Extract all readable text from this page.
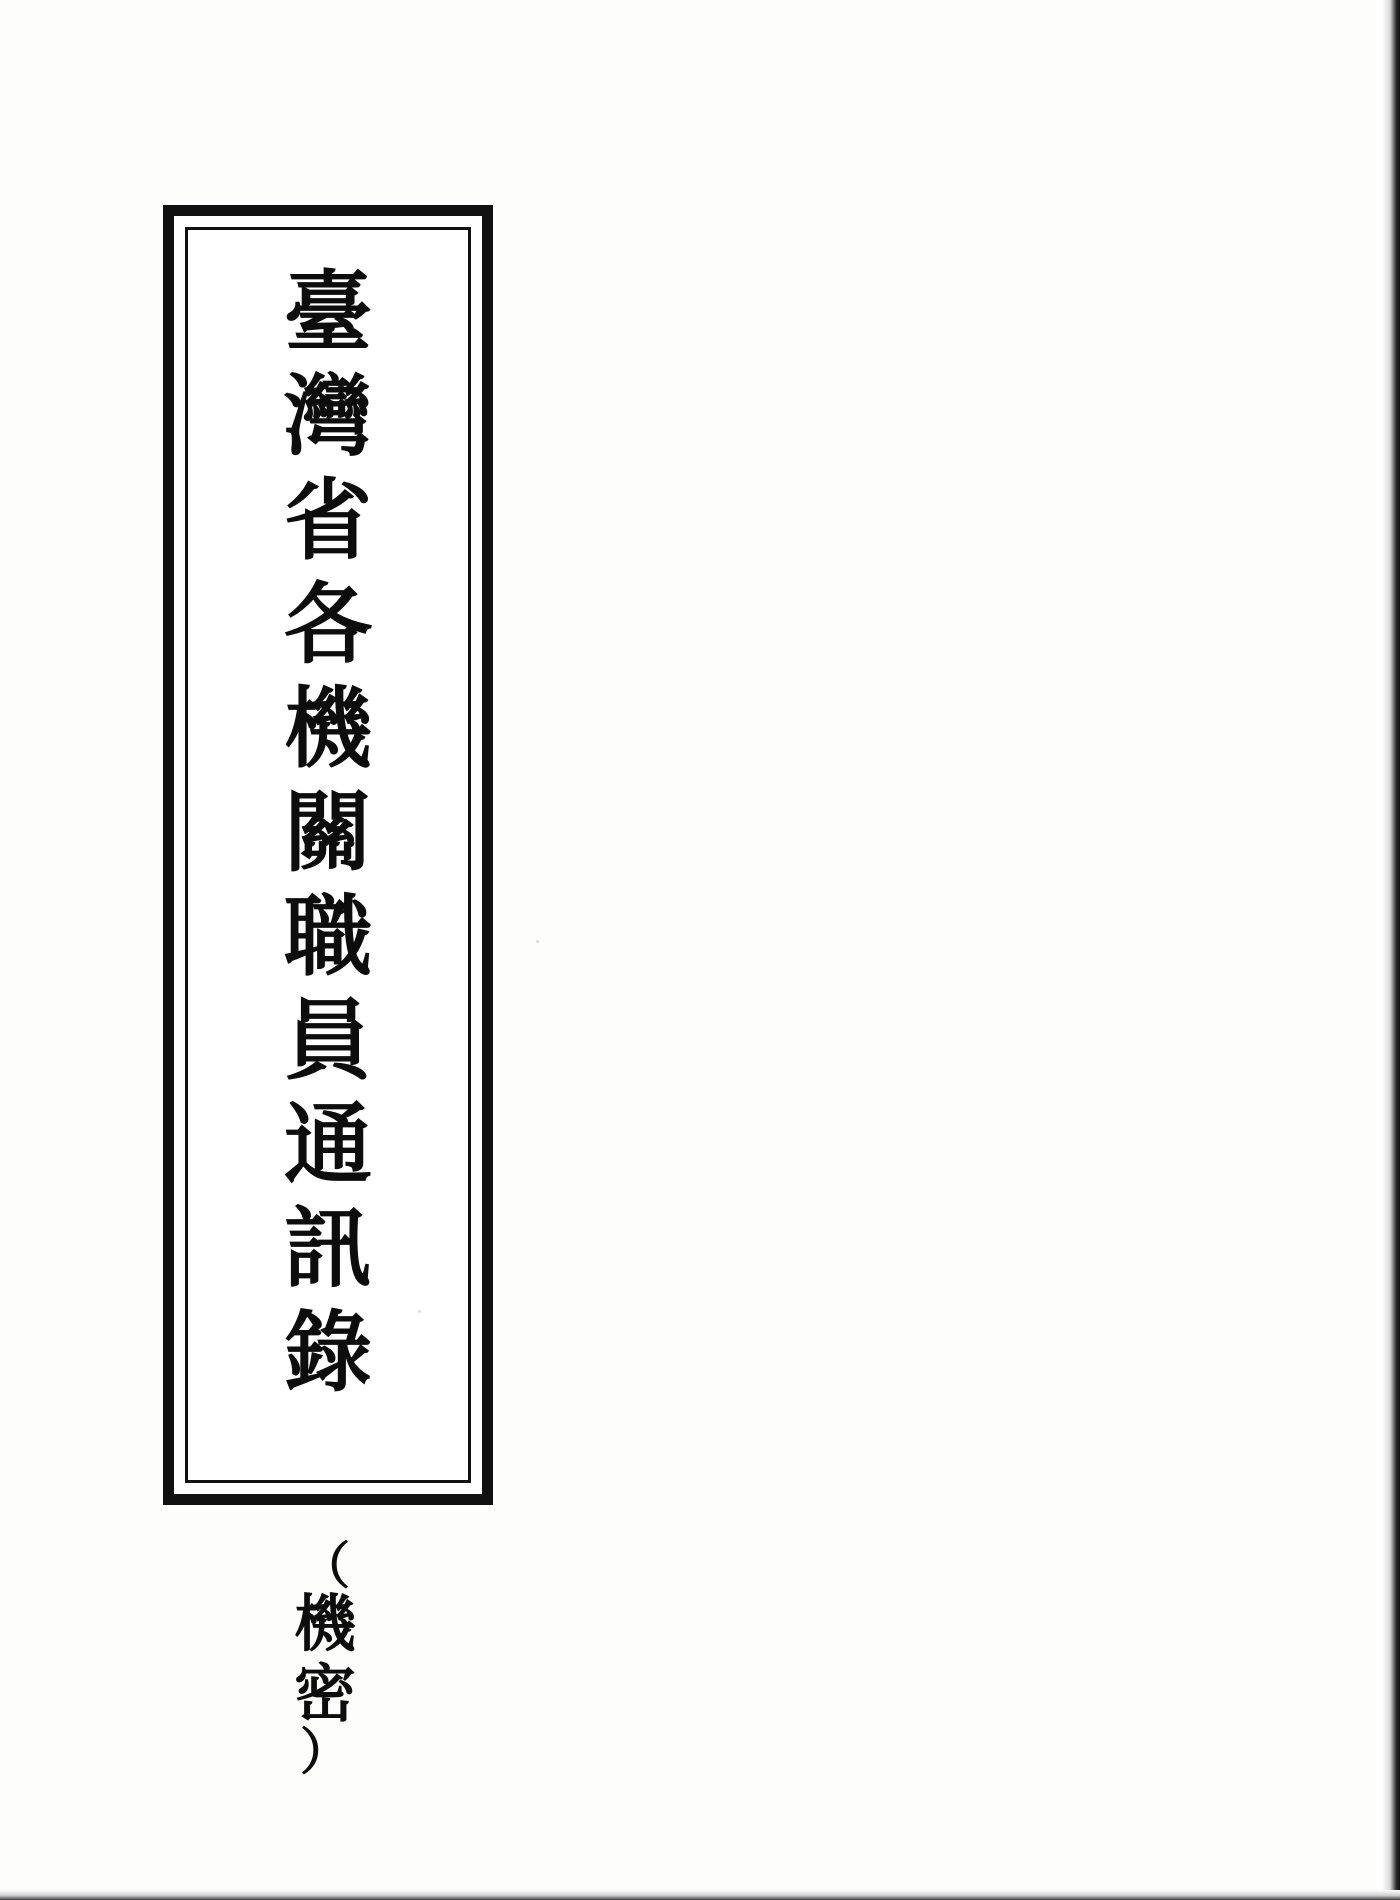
臺
灣
省
各
機
關
職
員
通
訊
錄
（
機
密
）
